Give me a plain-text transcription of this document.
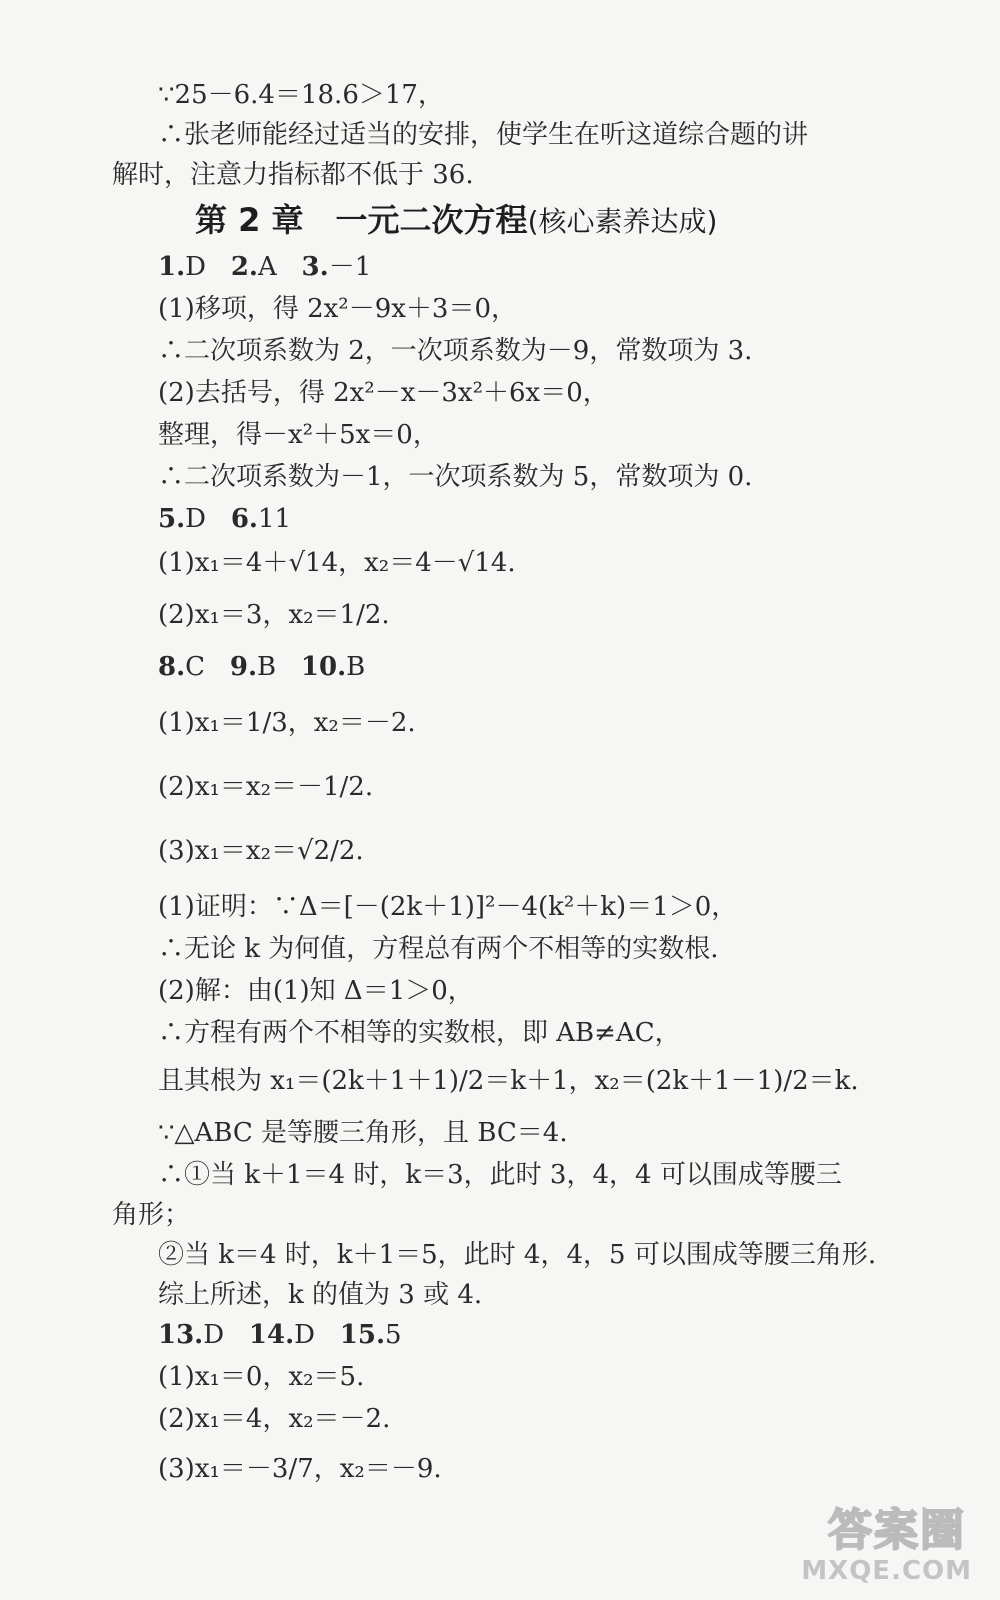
∵25－6.4＝18.6＞17，
∴张老师能经过适当的安排，使学生在听这道综合题的讲
解时，注意力指标都不低于 36.
第 2 章　一元二次方程(核心素养达成)
1.D 2.A 3.－1
(1)移项，得 2x²－9x＋3＝0，
∴二次项系数为 2，一次项系数为－9，常数项为 3.
(2)去括号，得 2x²－x－3x²＋6x＝0，
整理，得－x²＋5x＝0，
∴二次项系数为－1，一次项系数为 5，常数项为 0.
5.D 6.11
(1)x₁＝4＋√14，x₂＝4－√14.
(2)x₁＝3，x₂＝1/2.
8.C 9.B 10.B
(1)x₁＝1/3，x₂＝－2.
(2)x₁＝x₂＝－1/2.
(3)x₁＝x₂＝√2/2.
(1)证明：∵Δ＝[－(2k＋1)]²－4(k²＋k)＝1＞0，
∴无论 k 为何值，方程总有两个不相等的实数根.
(2)解：由(1)知 Δ＝1＞0，
∴方程有两个不相等的实数根，即 AB≠AC，
且其根为 x₁＝(2k＋1＋1)/2＝k＋1，x₂＝(2k＋1－1)/2＝k.
∵△ABC 是等腰三角形，且 BC＝4.
∴①当 k＋1＝4 时，k＝3，此时 3，4，4 可以围成等腰三
角形；
②当 k＝4 时，k＋1＝5，此时 4，4，5 可以围成等腰三角形.
综上所述，k 的值为 3 或 4.
13.D 14.D 15.5
(1)x₁＝0，x₂＝5.
(2)x₁＝4，x₂＝－2.
(3)x₁＝－3/7，x₂＝－9.
答案圈
MXQE.COM
